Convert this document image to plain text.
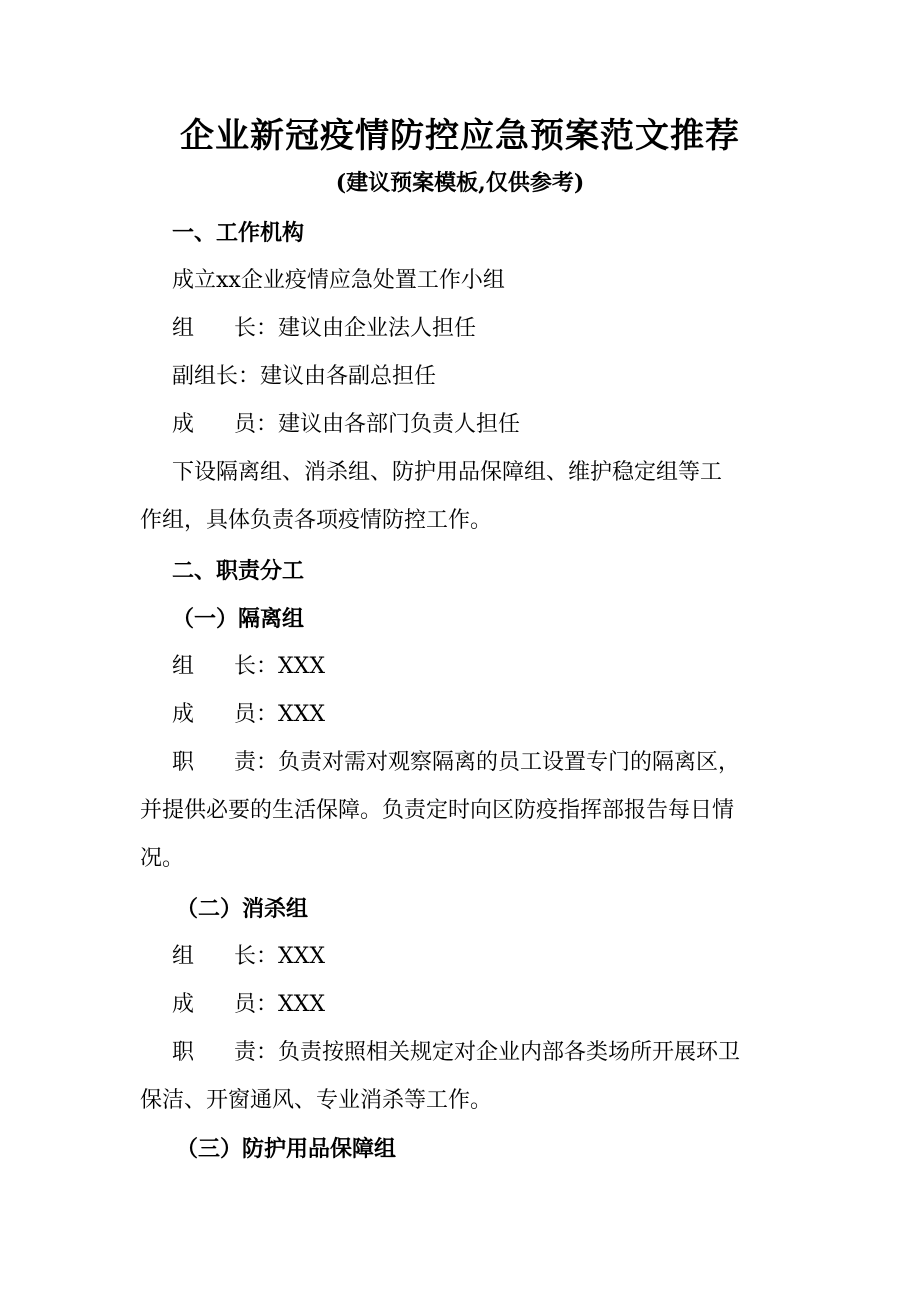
企业新冠疫情防控应急预案范文推荐
(建议预案模板,仅供参考)
一、工作机构
成立xx企业疫情应急处置工作小组
组 长：建议由企业法人担任
副组长：建议由各副总担任
成 员：建议由各部门负责人担任
下设隔离组、消杀组、防护用品保障组、维护稳定组等工
作组，具体负责各项疫情防控工作。
二、职责分工
（一）隔离组
组 长：XXX
成 员：XXX
职 责：负责对需对观察隔离的员工设置专门的隔离区，
并提供必要的生活保障。负责定时向区防疫指挥部报告每日情
况。
（二）消杀组
组 长：XXX
成 员：XXX
职 责：负责按照相关规定对企业内部各类场所开展环卫
保洁、开窗通风、专业消杀等工作。
（三）防护用品保障组
